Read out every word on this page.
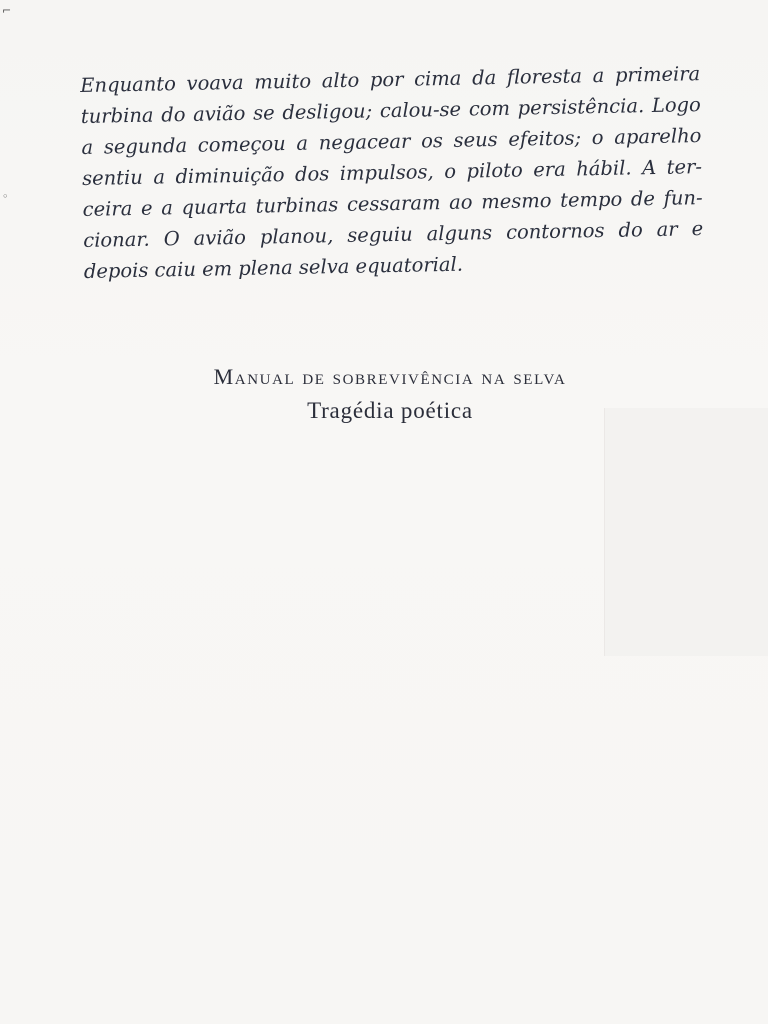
⌐
◦
Enquanto voava muito alto por cima da floresta a primeira
turbina do avião se desligou; calou-se com persistência. Logo
a segunda começou a negacear os seus efeitos; o aparelho
sentiu a diminuição dos impulsos, o piloto era hábil. A ter-
ceira e a quarta turbinas cessaram ao mesmo tempo de fun-
cionar. O avião planou, seguiu alguns contornos do ar e
depois caiu em plena selva equatorial.
Manual de sobrevivência na selva
Tragédia poética
